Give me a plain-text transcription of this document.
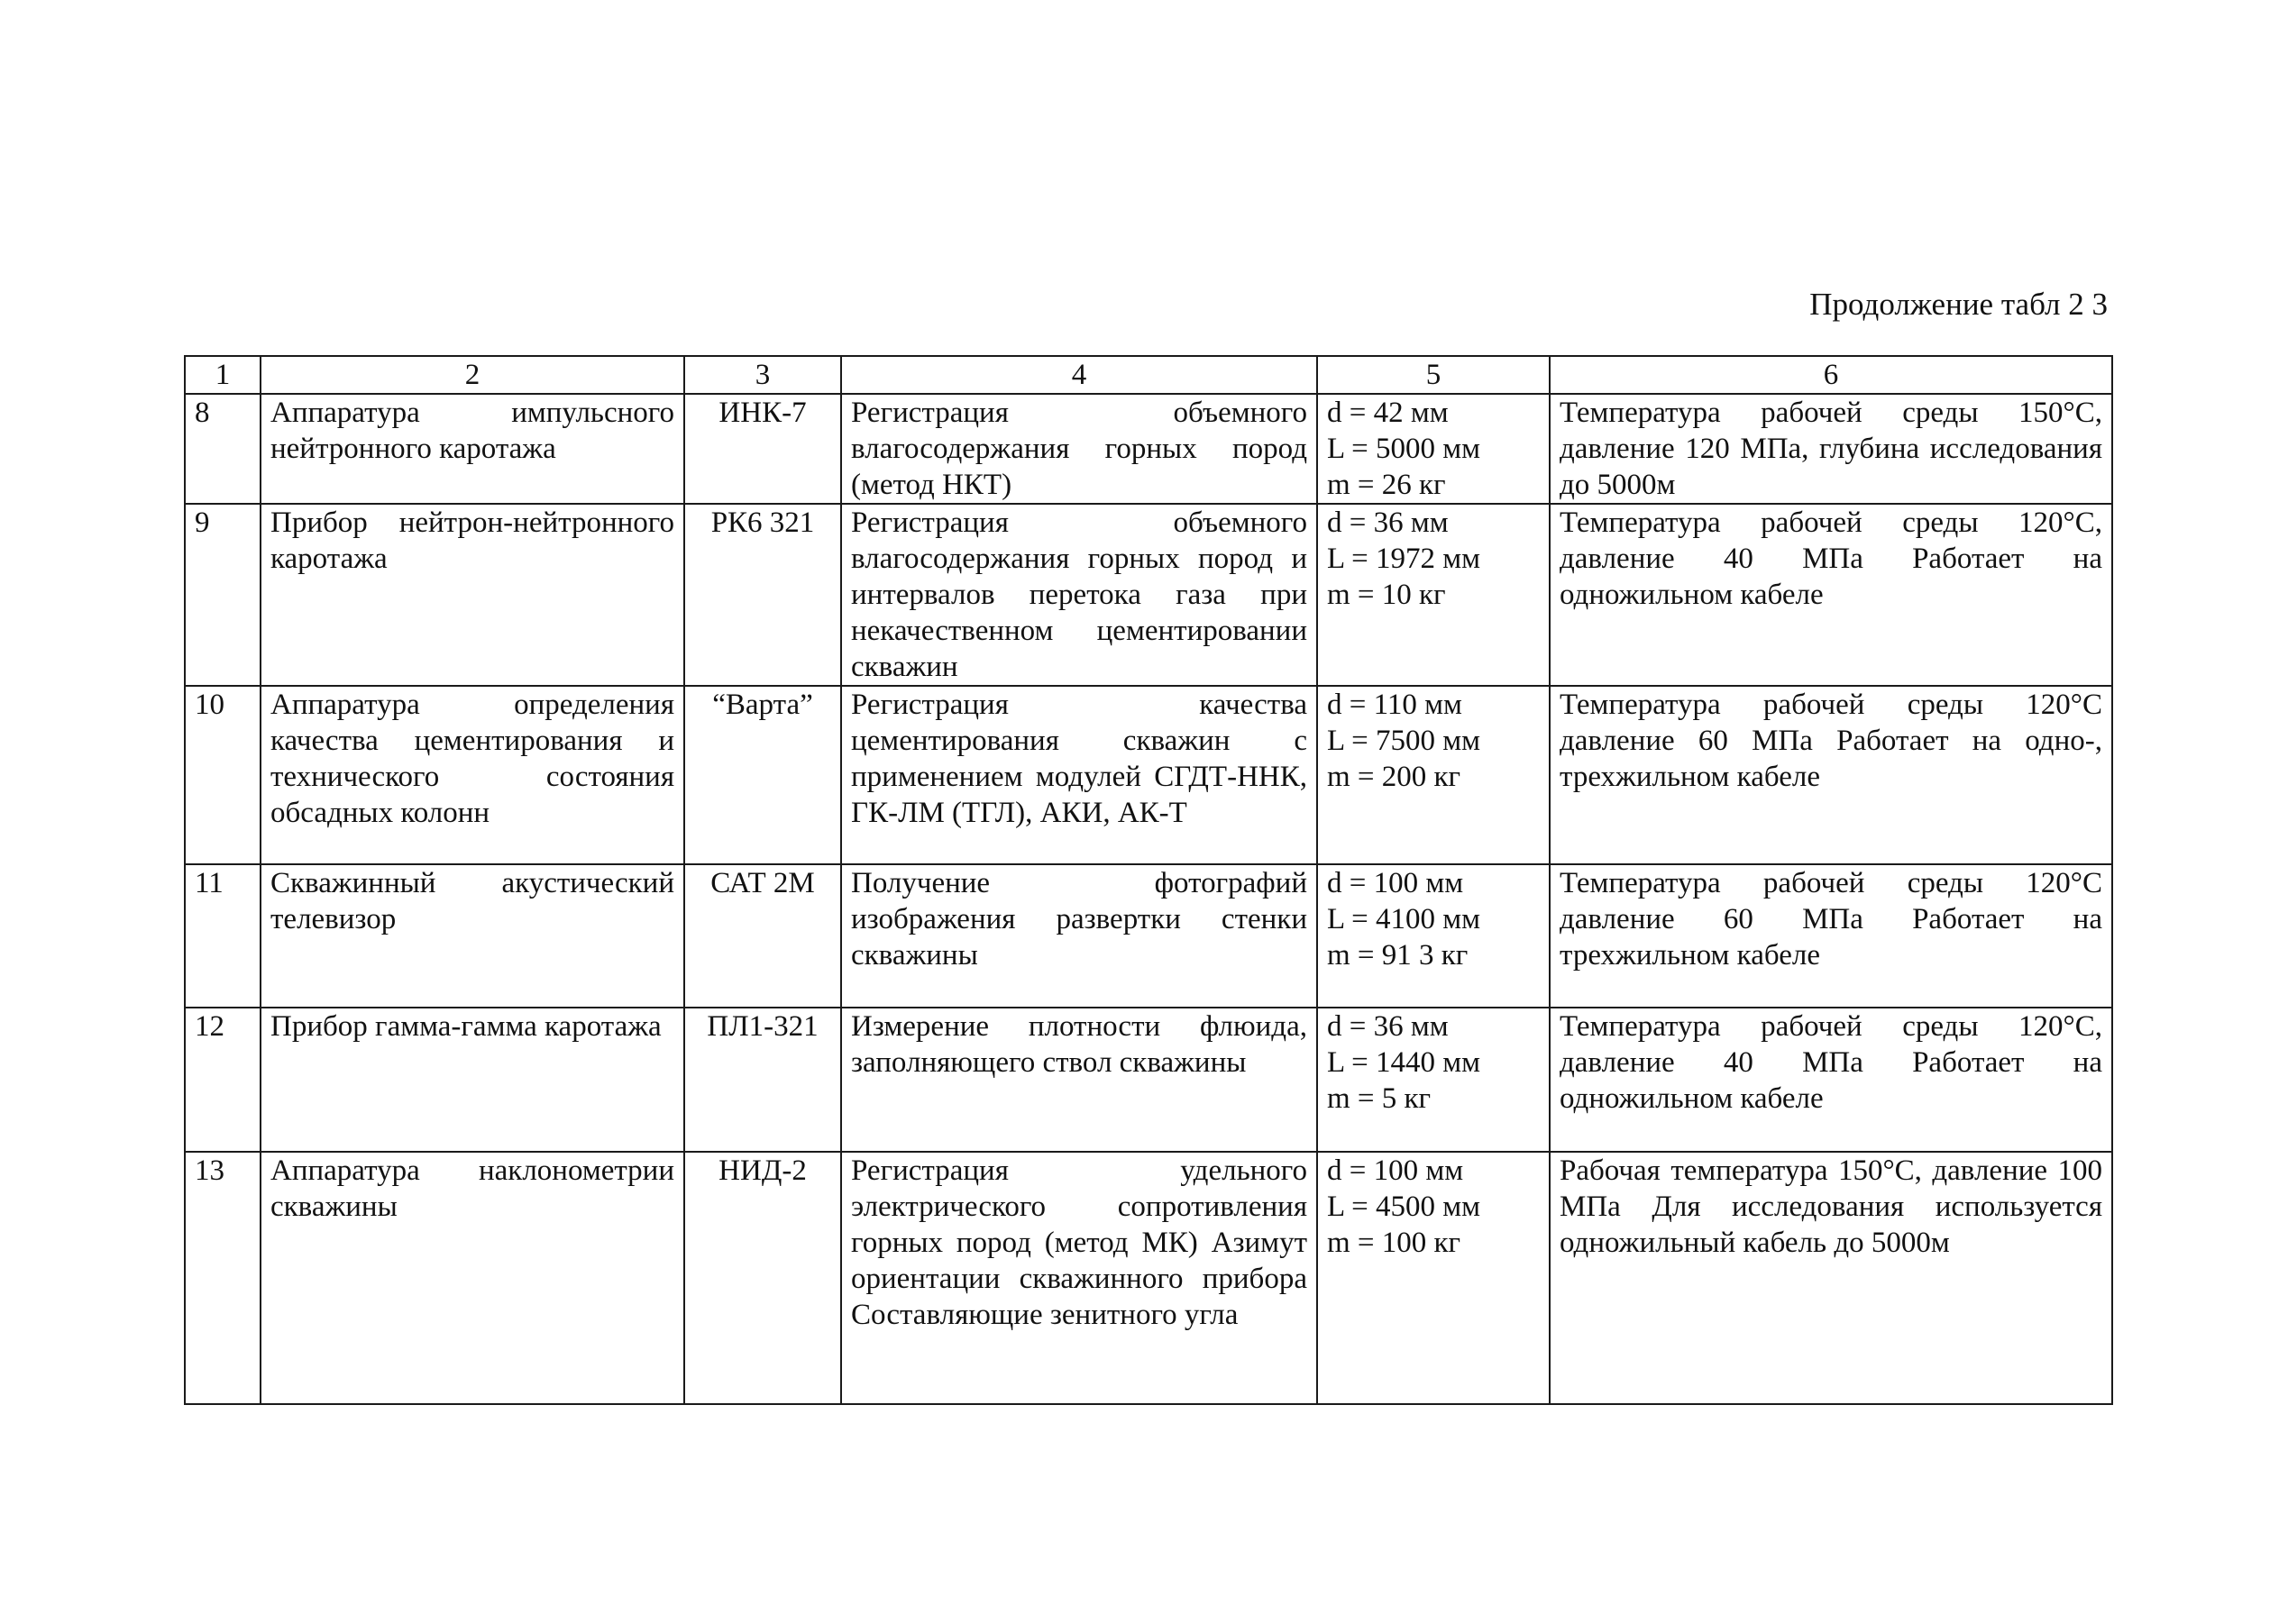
Продолжение табл 2 3
1	2	3	4	5	6
8	Аппаратура импульсного нейтронного каротажа	ИНК-7	Регистрация объемного влагосодержания горных пород (метод НКТ)	d = 42 мм
L = 5000 мм
m = 26 кг	Температура рабочей среды 150°С, давление 120 МПа, глубина исследования до 5000м
9	Прибор нейтрон-нейтронного каротажа	РК6 321	Регистрация объемного влагосодержания горных пород и интервалов перетока газа при некачественном цементировании скважин	d = 36 мм
L = 1972 мм
m = 10 кг	Температура рабочей среды 120°С, давление 40 МПа Работает на одножильном кабеле
10	Аппаратура определения качества цементирования и технического состояния обсадных колонн	“Варта”	Регистрация качества цементирования скважин с применением модулей СГДТ-ННК, ГК-ЛМ (ТГЛ), АКИ, АК-Т	d = 110 мм
L = 7500 мм
m = 200 кг	Температура рабочей среды 120°С давление 60 МПа Работает на одно-, трехжильном кабеле
11	Скважинный акустический телевизор	САТ 2М	Получение фотографий изображения развертки стенки скважины	d = 100 мм
L = 4100 мм
m = 91 3 кг	Температура рабочей среды 120°С давление 60 МПа Работает на трехжильном кабеле
12	Прибор гамма-гамма каротажа	ПЛ1-321	Измерение плотности флюида, заполняющего ствол скважины	d = 36 мм
L = 1440 мм
m = 5 кг	Температура рабочей среды 120°С, давление 40 МПа Работает на одножильном кабеле
13	Аппаратура наклонометрии скважины	НИД-2	Регистрация удельного электрического сопротивления горных пород (метод МК) Азимут ориентации скважинного прибора Составляющие зенитного угла	d = 100 мм
L = 4500 мм
m = 100 кг	Рабочая температура 150°С, давление 100 МПа Для исследования используется одножильный кабель до 5000м
